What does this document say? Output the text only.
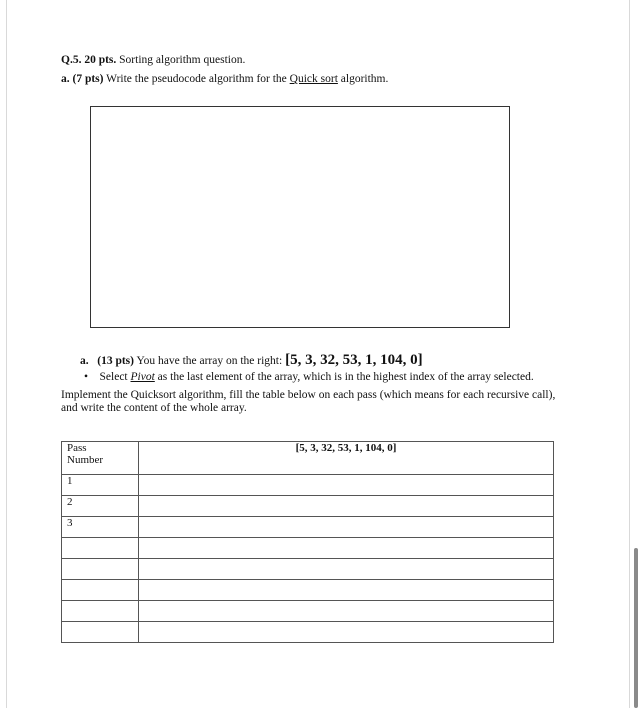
Q.5. 20 pts. Sorting algorithm question.
a. (7 pts) Write the pseudocode algorithm for the Quick sort algorithm.
a. (13 pts) You have the array on the right: [5, 3, 32, 53, 1, 104, 0]
• Select Pivot as the last element of the array, which is in the highest index of the array selected.
Implement the Quicksort algorithm, fill the table below on each pass (which means for each recursive call),
and write the content of the whole array.
Pass
Number	[5, 3, 32, 53, 1, 104, 0]
1	
2	
3	
